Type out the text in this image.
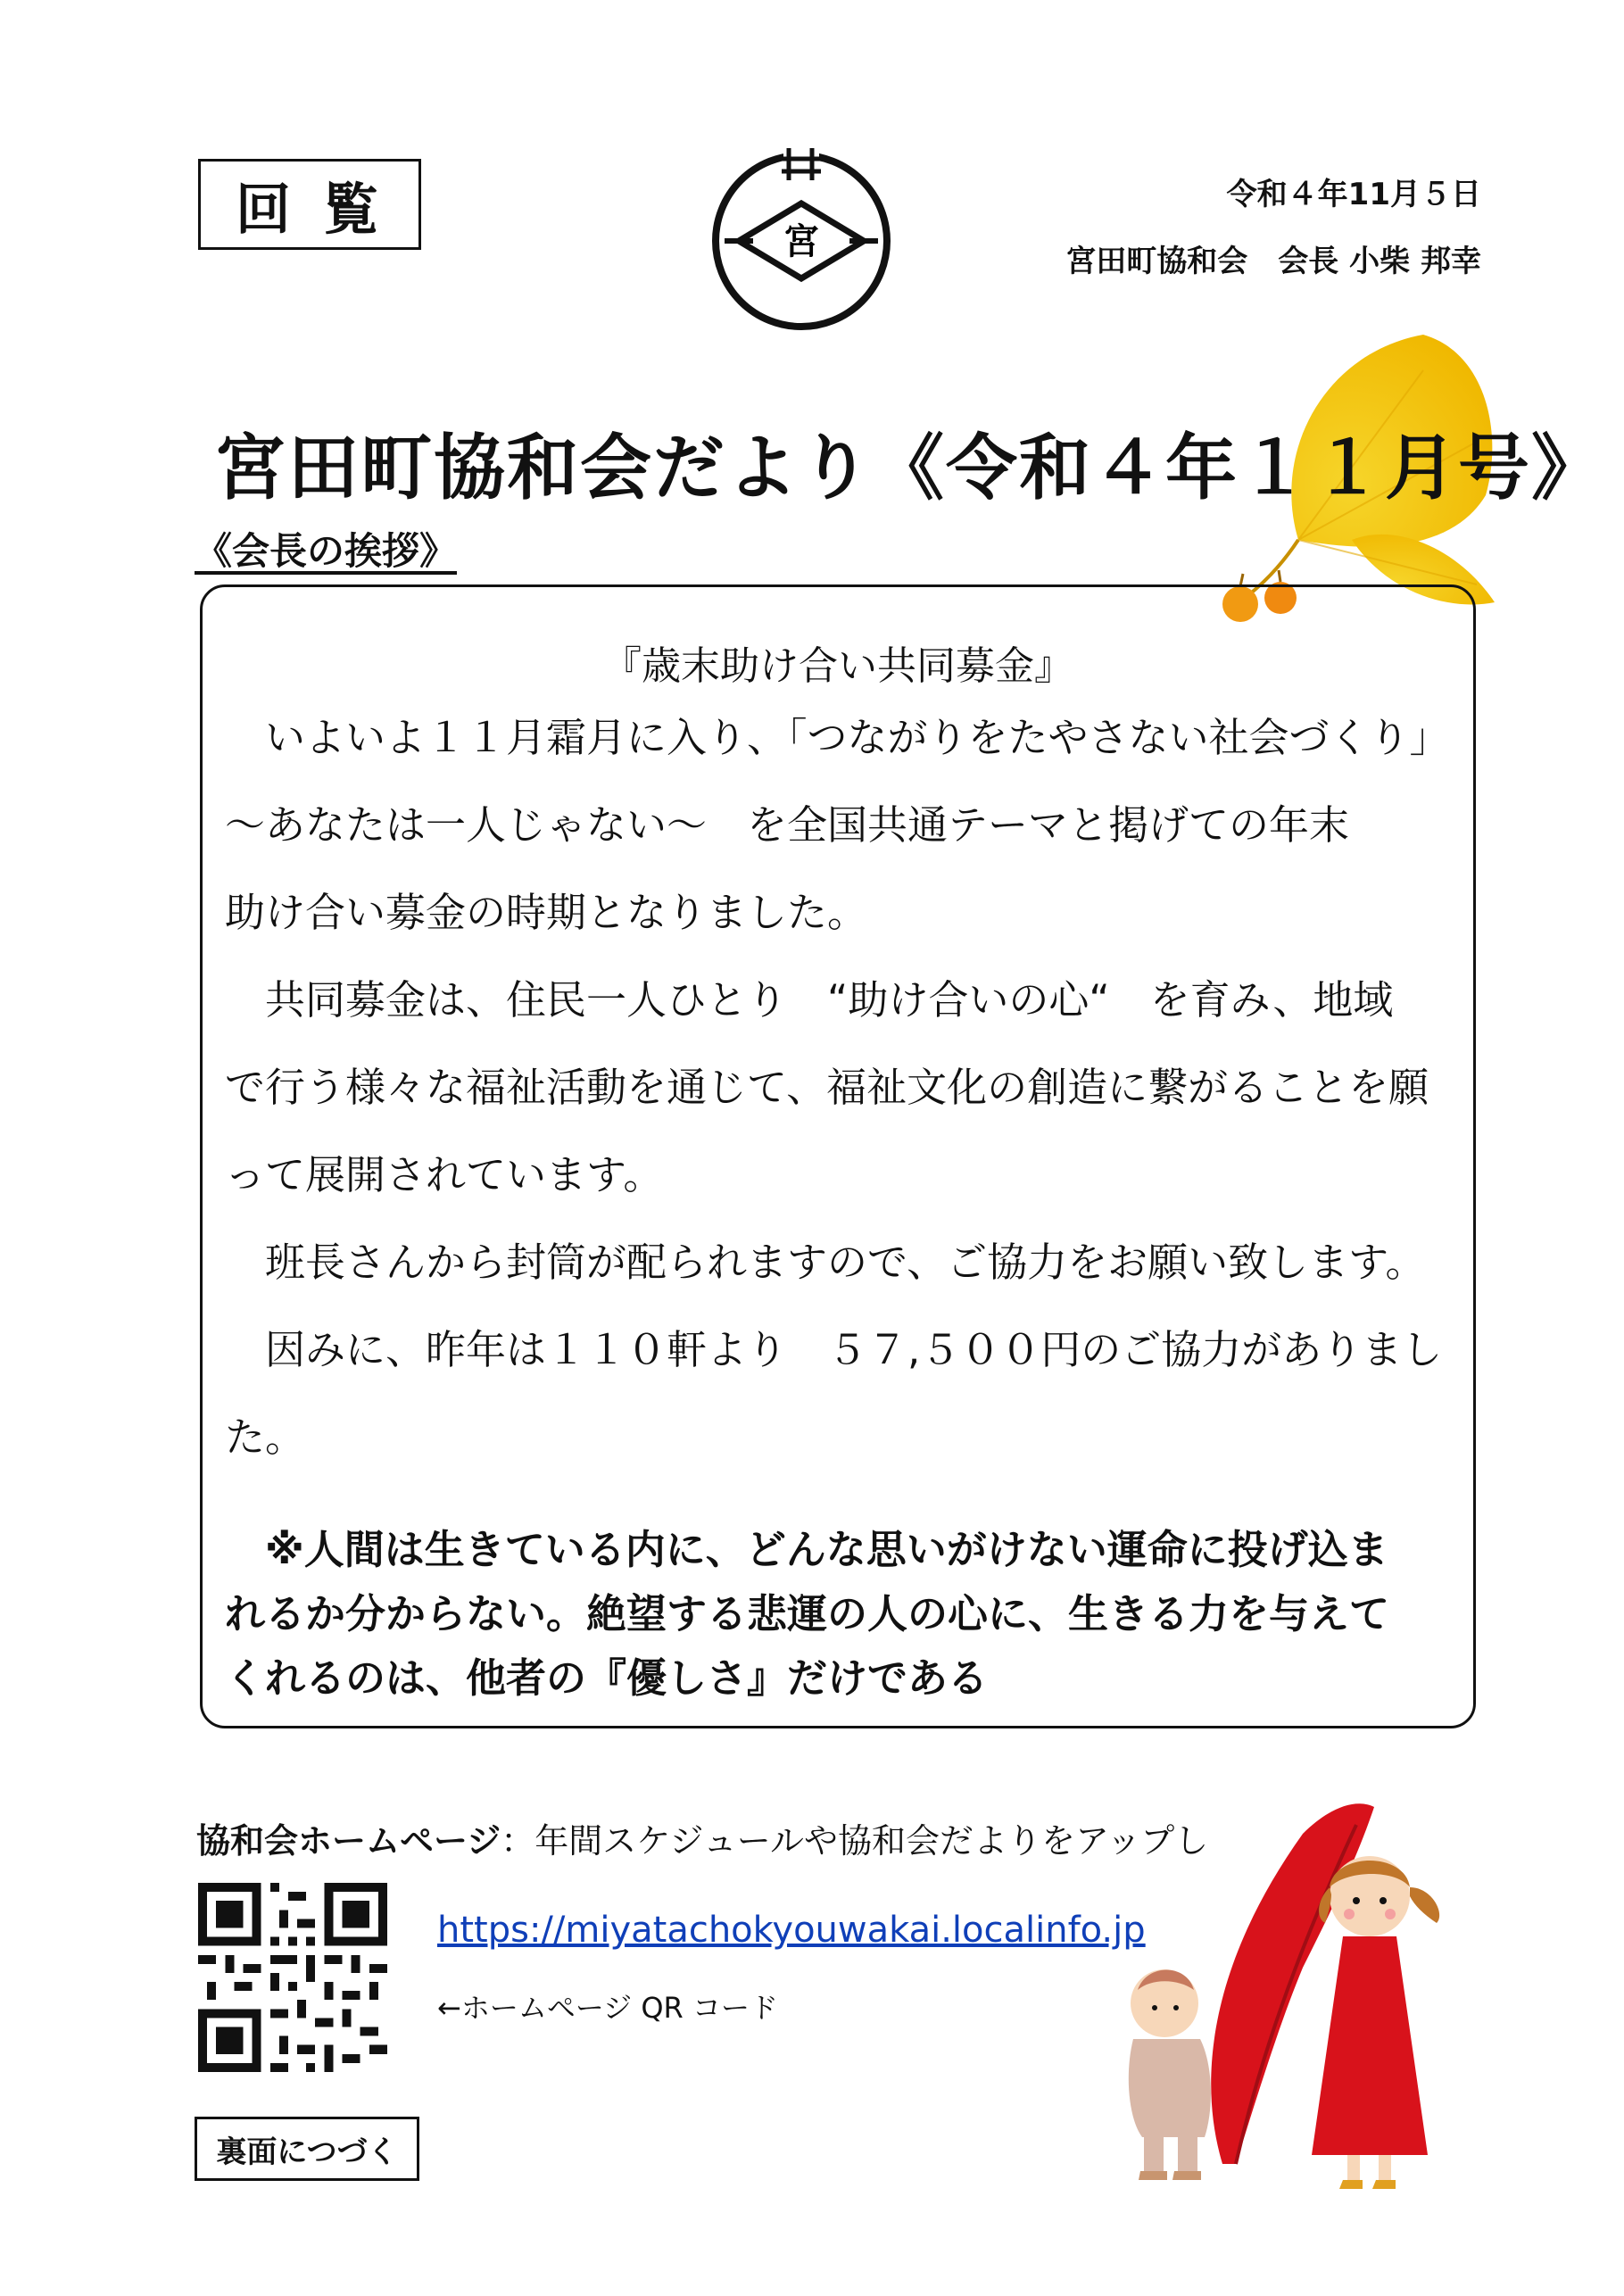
回覧
宮
令和４年11月５日
宮田町協和会　会長 小柴 邦幸
宮田町協和会だより《令和４年１１月号》
《会長の挨拶》
『歳末助け合い共同募金』
　いよいよ１１月霜月に入り、「つながりをたやさない社会づくり」
〜あなたは一人じゃない〜　を全国共通テーマと掲げての年末
助け合い募金の時期となりました。
　共同募金は、住民一人ひとり　“助け合いの心“　を育み、地域
で行う様々な福祉活動を通じて、福祉文化の創造に繋がることを願
って展開されています。
　班長さんから封筒が配られますので、ご協力をお願い致します。
　因みに、昨年は１１０軒より　５７,５００円のご協力がありまし
た。
　※人間は生きている内に、どんな思いがけない運命に投げ込ま
れるか分からない。絶望する悲運の人の心に、生きる力を与えて
くれるのは、他者の『優しさ』だけである
協和会ホームページ：年間スケジュールや協和会だよりをアップし
https://miyatachokyouwakai.localinfo.jp
←ホームページ QR コード
裏面につづく
